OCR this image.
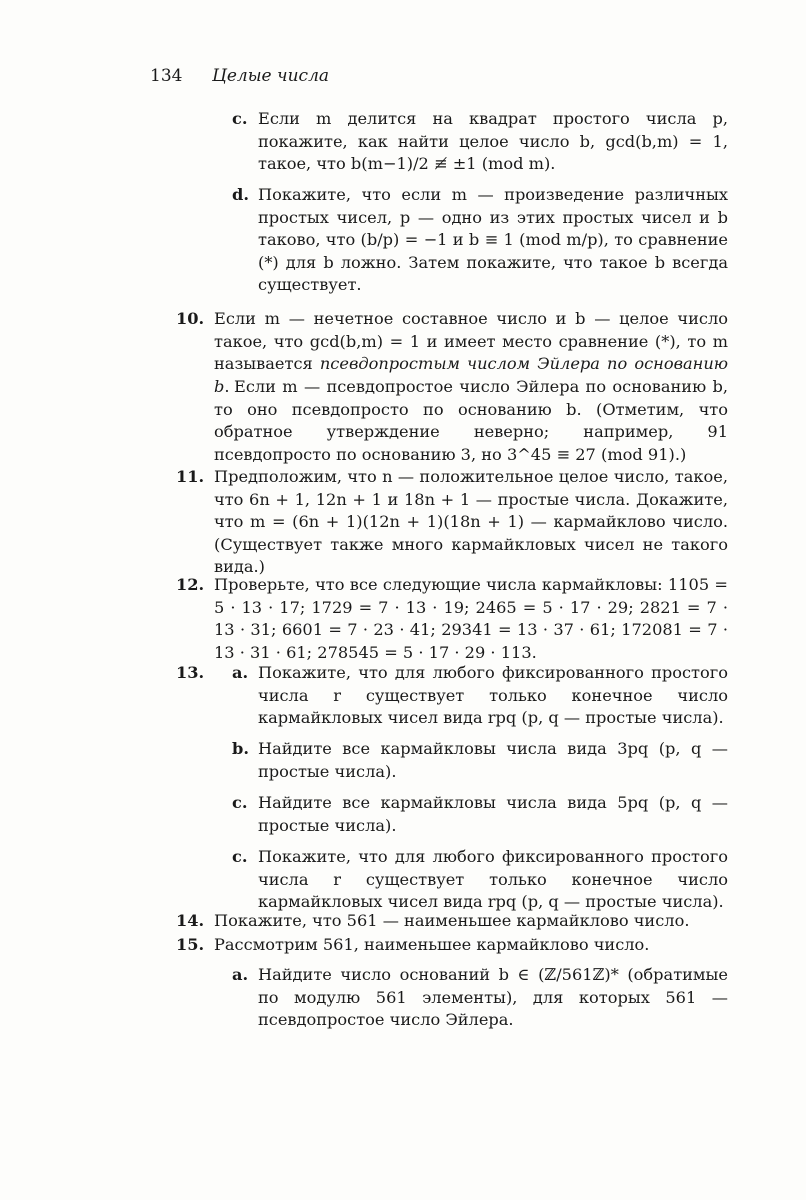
134 Целые числа
c. Если m делится на квадрат простого числа p, покажите, как найти целое число b, gcd(b,m) = 1, такое, что b(m−1)/2 ≢ ±1 (mod m).
d. Покажите, что если m — произведение различных простых чисел, p — одно из этих простых чисел и b таково, что (b/p) = −1 и b ≡ 1 (mod m/p), то сравнение (*) для b ложно. Затем покажите, что такое b всегда существует.
10. Если m — нечетное составное число и b — целое число такое, что gcd(b,m) = 1 и имеет место сравнение (*), то m называется псевдопростым числом Эйлера по основанию b. Если m — псевдопростое число Эйлера по основанию b, то оно псевдопросто по основанию b. (Отметим, что обратное утверждение неверно; например, 91 псевдопросто по основанию 3, но 3^45 ≡ 27 (mod 91).)
11. Предположим, что n — положительное целое число, такое, что 6n + 1, 12n + 1 и 18n + 1 — простые числа. Докажите, что m = (6n + 1)(12n + 1)(18n + 1) — кармайклово число. (Существует также много кармайкловых чисел не такого вида.)
12. Проверьте, что все следующие числа кармайкловы: 1105 = 5 · 13 · 17; 1729 = 7 · 13 · 19; 2465 = 5 · 17 · 29; 2821 = 7 · 13 · 31; 6601 = 7 · 23 · 41; 29341 = 13 · 37 · 61; 172081 = 7 · 13 · 31 · 61; 278545 = 5 · 17 · 29 · 113.
13. a. Покажите, что для любого фиксированного простого числа r существует только конечное число кармайкловых чисел вида rpq (p, q — простые числа).
b. Найдите все кармайкловы числа вида 3pq (p, q — простые числа).
c. Найдите все кармайкловы числа вида 5pq (p, q — простые числа).
c. Покажите, что для любого фиксированного простого числа r существует только конечное число кармайкловых чисел вида rpq (p, q — простые числа).
14. Покажите, что 561 — наименьшее кармайклово число.
15. Рассмотрим 561, наименьшее кармайклово число.
a. Найдите число оснований b ∈ (ℤ/561ℤ)* (обратимые по модулю 561 элементы), для которых 561 — псевдопростое число Эйлера.
